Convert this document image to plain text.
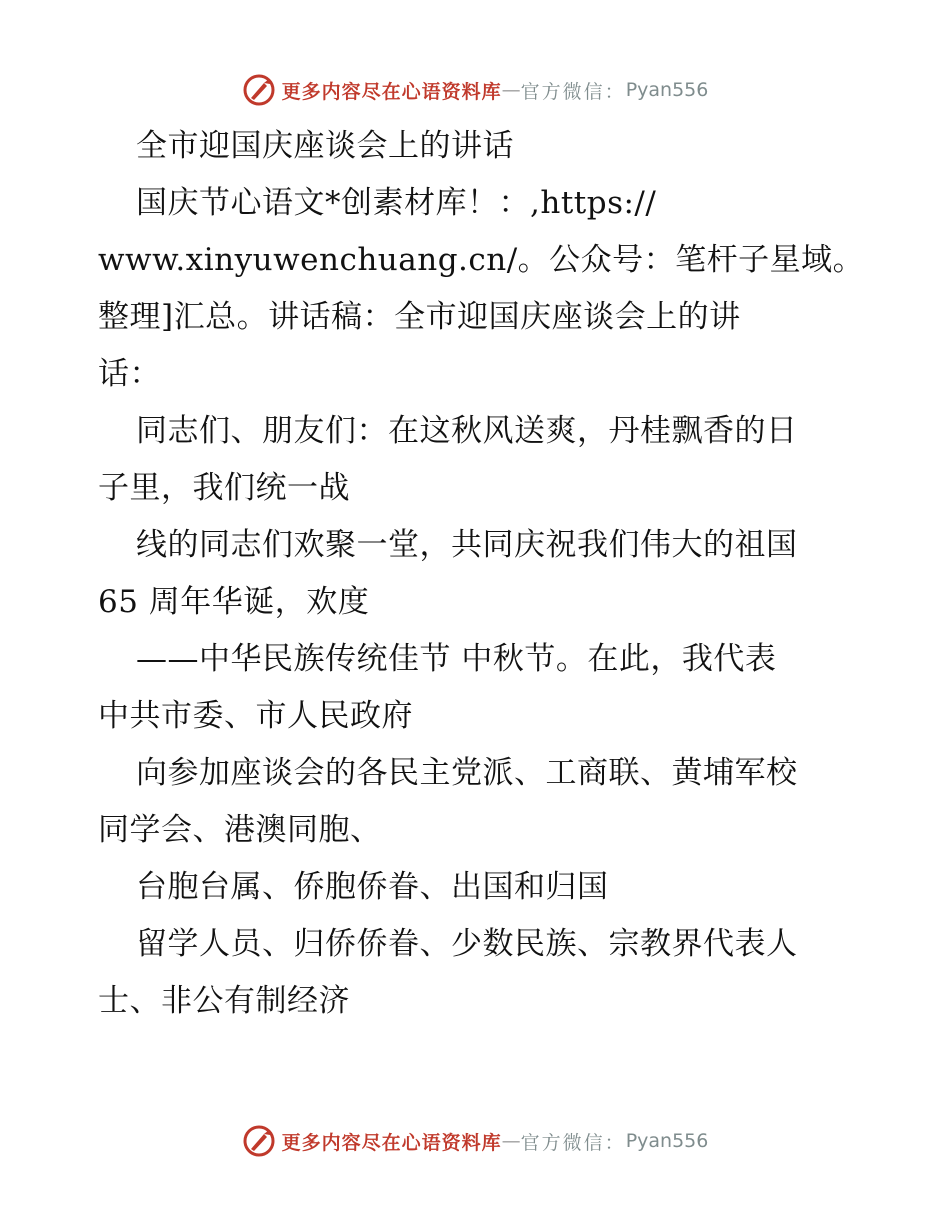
更多内容尽在心语资料库 — 官方微信： Pyan556
全市迎国庆座谈会上的讲话
国庆节心语文*创素材库！：,https://
www.xinyuwenchuang.cn/。公众号：笔杆子星域。
整理]汇总。讲话稿：全市迎国庆座谈会上的讲
话：
同志们、朋友们：在这秋风送爽，丹桂飘香的日
子里，我们统一战
线的同志们欢聚一堂，共同庆祝我们伟大的祖国
65 周年华诞，欢度
——中华民族传统佳节 中秋节。在此，我代表
中共市委、市人民政府
向参加座谈会的各民主党派、工商联、黄埔军校
同学会、港澳同胞、
台胞台属、侨胞侨眷、出国和归国
留学人员、归侨侨眷、少数民族、宗教界代表人
士、非公有制经济
更多内容尽在心语资料库 — 官方微信： Pyan556
